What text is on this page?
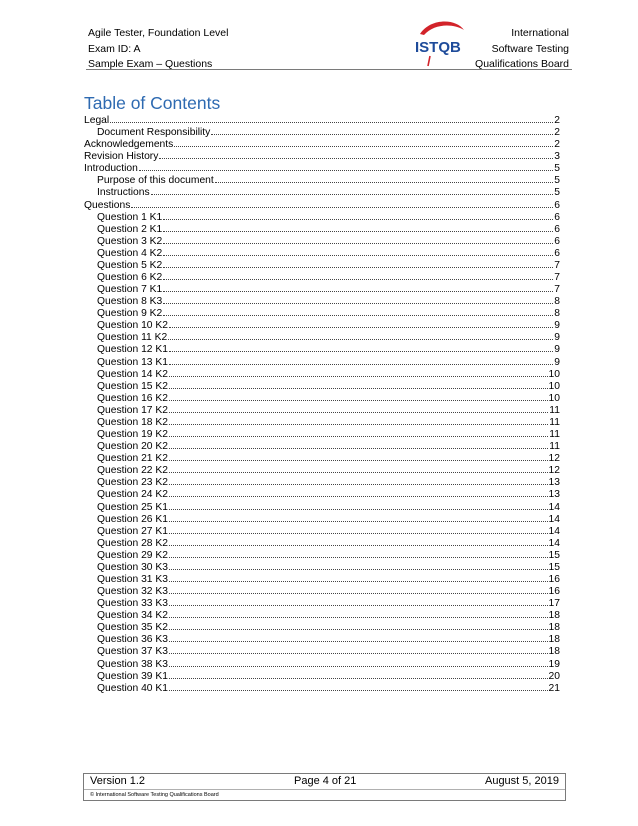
Agile Tester, Foundation Level
Exam ID: A
Sample Exam – Questions
ISTQB
International
Software Testing
Qualifications Board
Table of Contents
Legal	2
Document Responsibility	2
Acknowledgements	2
Revision History	3
Introduction	5
Purpose of this document	5
Instructions	5
Questions	6
Question 1 K1	6
Question 2 K1	6
Question 3 K2	6
Question 4 K2	6
Question 5 K2	7
Question 6 K2	7
Question 7 K1	7
Question 8 K3	8
Question 9 K2	8
Question 10 K2	9
Question 11 K2	9
Question 12 K1	9
Question 13 K1	9
Question 14 K2	10
Question 15 K2	10
Question 16 K2	10
Question 17 K2	11
Question 18 K2	11
Question 19 K2	11
Question 20 K2	11
Question 21 K2	12
Question 22 K2	12
Question 23 K2	13
Question 24 K2	13
Question 25 K1	14
Question 26 K1	14
Question 27 K1	14
Question 28 K2	14
Question 29 K2	15
Question 30 K3	15
Question 31 K3	16
Question 32 K3	16
Question 33 K3	17
Question 34 K2	18
Question 35 K2	18
Question 36 K3	18
Question 37 K3	18
Question 38 K3	19
Question 39 K1	20
Question 40 K1	21
Version 1.2	Page 4 of 21	August 5, 2019
© International Software Testing Qualifications Board
